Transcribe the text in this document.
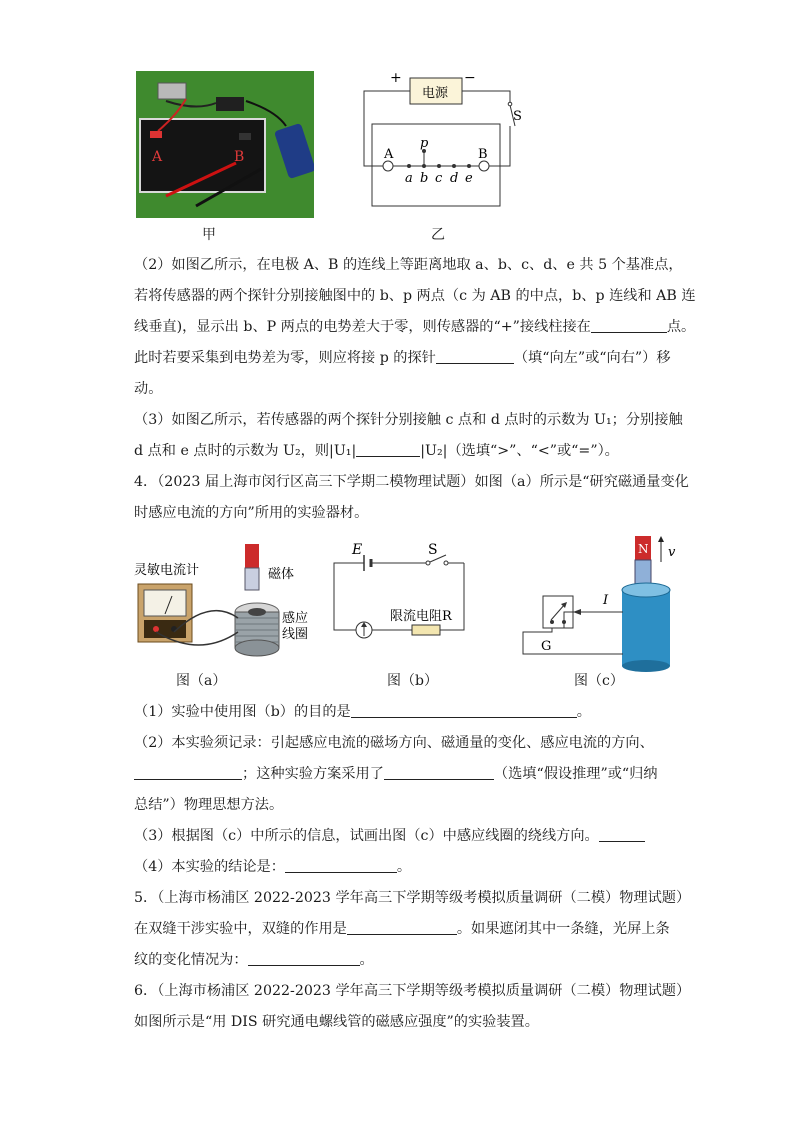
A	B
甲
+	−
电源
S
A	B
p
a b c d e
乙
（2）如图乙所示，在电极 A、B 的连线上等距离地取 a、b、c、d、e 共 5 个基准点，
若将传感器的两个探针分别接触图中的 b、p 两点（c 为 AB 的中点，b、p 连线和 AB 连
线垂直)，显示出 b、P 两点的电势差大于零，则传感器的“+”接线柱接在	点。
此时若要采集到电势差为零，则应将接 p 的探针	（填“向左”或“向右”）移
动。
（3）如图乙所示，若传感器的两个探针分别接触 c 点和 d 点时的示数为 U₁；分别接触
d 点和 e 点时的示数为 U₂，则|U₁|	|U₂|（选填“>”、“<”或“=”）。
4．（2023 届上海市闵行区高三下学期二模物理试题）如图（a）所示是“研究磁通量变化
时感应电流的方向”所用的实验器材。
灵敏电流计	磁体
感应
线圈
图（a）
E	S
限流电阻R
图（b）
N v
I
G
图（c）
（1）实验中使用图（b）的目的是	。
（2）本实验须记录：引起感应电流的磁场方向、磁通量的变化、感应电流的方向、
；这种实验方案采用了	（选填“假设推理”或“归纳
总结”）物理思想方法。
（3）根据图（c）中所示的信息，试画出图（c）中感应线圈的绕线方向。
（4）本实验的结论是：	。
5．（上海市杨浦区 2022-2023 学年高三下学期等级考模拟质量调研（二模）物理试题）
在双缝干涉实验中，双缝的作用是	。如果遮闭其中一条缝，光屏上条
纹的变化情况为：	。
6．（上海市杨浦区 2022-2023 学年高三下学期等级考模拟质量调研（二模）物理试题）
如图所示是“用 DIS 研究通电螺线管的磁感应强度”的实验装置。
